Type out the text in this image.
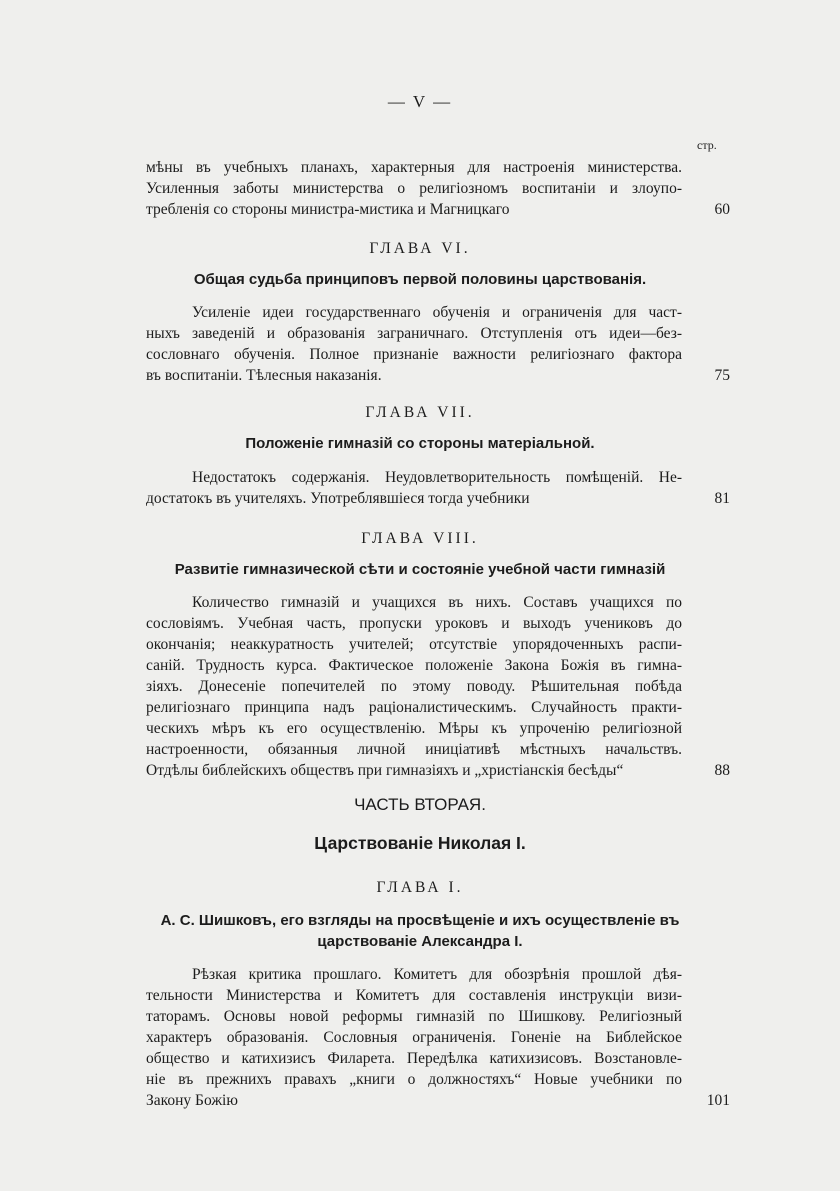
— V —
стр.
мѣны въ учебныхъ планахъ, характерныя для настроенія министерства.
Усиленныя заботы министерства о религіозномъ воспитаніи и злоупо-
требленія со стороны министра-мистика и Магницкаго	60
ГЛАВА VI.
Общая судьба принциповъ первой половины царствованія.
Усиленіе идеи государственнаго обученія и ограниченія для част-
ныхъ заведеній и образованія заграничнаго. Отступленія отъ идеи—без-
сословнаго обученія. Полное признаніе важности религіознаго фактора
въ воспитаніи. Тѣлесныя наказанія.	75
ГЛАВА VII.
Положеніе гимназій со стороны матеріальной.
Недостатокъ содержанія. Неудовлетворительность помѣщеній. Не-
достатокъ въ учителяхъ. Употреблявшіеся тогда учебники	81
ГЛАВА VIII.
Развитіе гимназической сѣти и состояніе учебной части гимназій
Количество гимназій и учащихся въ нихъ. Составъ учащихся по
сословіямъ. Учебная часть, пропуски уроковъ и выходъ учениковъ до
окончанія; неаккуратность учителей; отсутствіе упорядоченныхъ распи-
саній. Трудность курса. Фактическое положеніе Закона Божія въ гимна-
зіяхъ. Донесеніе попечителей по этому поводу. Рѣшительная побѣда
религіознаго принципа надъ раціоналистическимъ. Случайность практи-
ческихъ мѣръ къ его осуществленію. Мѣры къ упроченію религіозной
настроенности, обязанныя личной иниціативѣ мѣстныхъ начальствъ.
Отдѣлы библейскихъ обществъ при гимназіяхъ и „христіанскія бесѣды“	88
ЧАСТЬ ВТОРАЯ.
Царствованіе Николая I.
ГЛАВА I.
А. С. Шишковъ, его взгляды на просвѣщеніе и ихъ осуществленіе въ
царствованіе Александра I.
Рѣзкая критика прошлаго. Комитетъ для обозрѣнія прошлой дѣя-
тельности Министерства и Комитетъ для составленія инструкціи визи-
таторамъ. Основы новой реформы гимназій по Шишкову. Религіозный
характеръ образованія. Сословныя ограниченія. Гоненіе на Библейское
общество и катихизисъ Филарета. Передѣлка катихизисовъ. Возстановле-
ніе въ прежнихъ правахъ „книги о должностяхъ“ Новые учебники по
Закону Божію	101
